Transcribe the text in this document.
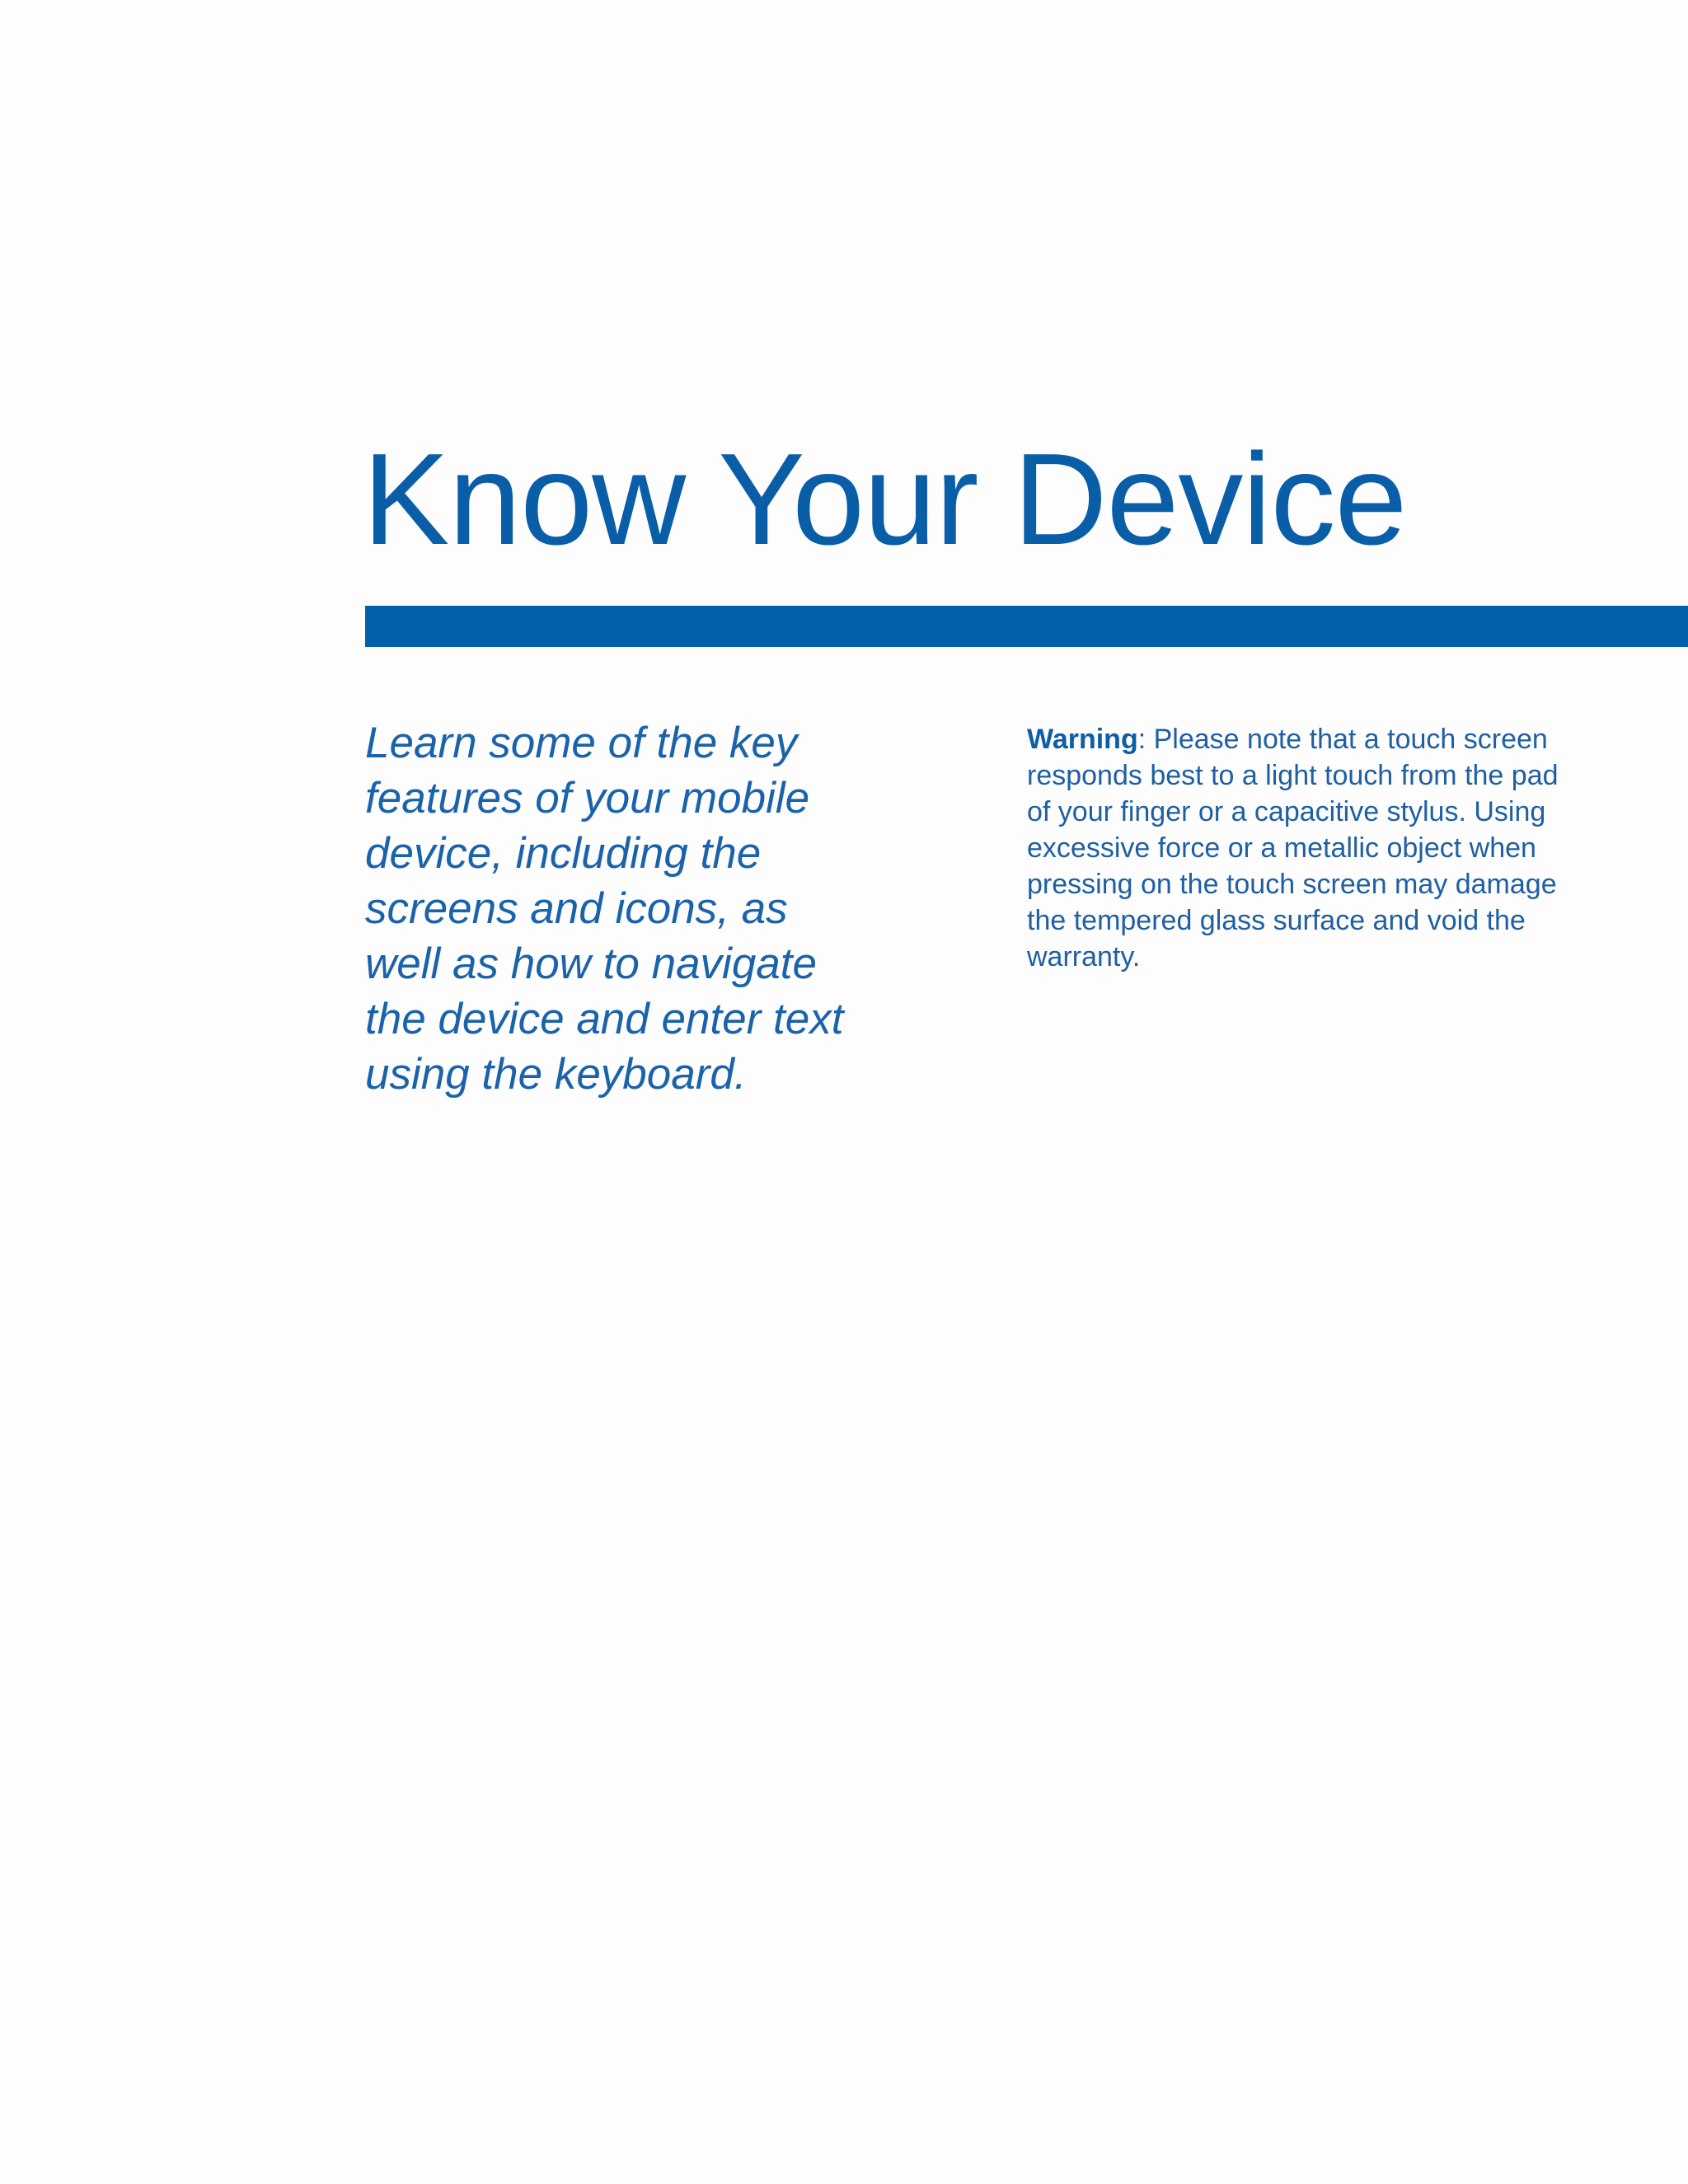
Know Your Device

Learn some of the key
features of your mobile
device, including the
screens and icons, as
well as how to navigate
the device and enter text
using the keyboard.

Warning: Please note that a touch screen
responds best to a light touch from the pad
of your finger or a capacitive stylus. Using
excessive force or a metallic object when
pressing on the touch screen may damage
the tempered glass surface and void the
warranty.
